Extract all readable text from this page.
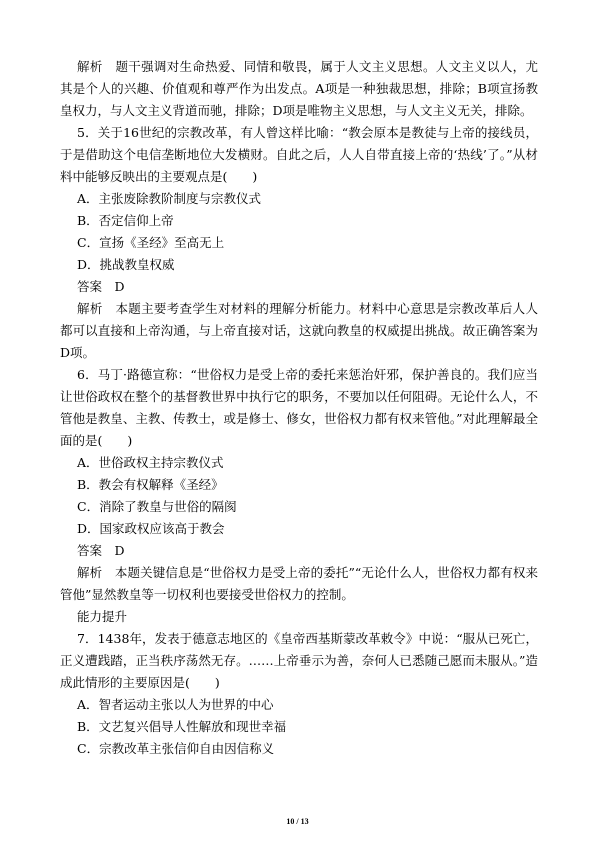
解析　题干强调对生命热爱、同情和敬畏，属于人文主义思想。人文主义以人，尤其是个人的兴趣、价值观和尊严作为出发点。A项是一种独裁思想，排除；B项宣扬教皇权力，与人文主义背道而驰，排除；D项是唯物主义思想，与人文主义无关，排除。

5．关于16世纪的宗教改革，有人曾这样比喻：“教会原本是教徒与上帝的接线员，于是借助这个电信垄断地位大发横财。自此之后，人人自带直接上帝的‘热线’了。”从材料中能够反映出的主要观点是(　　)

A．主张废除教阶制度与宗教仪式

B．否定信仰上帝

C．宣扬《圣经》至高无上

D．挑战教皇权威

答案　D

解析　本题主要考查学生对材料的理解分析能力。材料中心意思是宗教改革后人人都可以直接和上帝沟通，与上帝直接对话，这就向教皇的权威提出挑战。故正确答案为D项。

6．马丁·路德宣称：“世俗权力是受上帝的委托来惩治奸邪，保护善良的。我们应当让世俗政权在整个的基督教世界中执行它的职务，不要加以任何阻碍。无论什么人，不管他是教皇、主教、传教士，或是修士、修女，世俗权力都有权来管他。”对此理解最全面的是(　　)

A．世俗政权主持宗教仪式

B．教会有权解释《圣经》

C．消除了教皇与世俗的隔阂

D．国家政权应该高于教会

答案　D

解析　本题关键信息是“世俗权力是受上帝的委托”“无论什么人，世俗权力都有权来管他”显然教皇等一切权利也要接受世俗权力的控制。

能力提升

7．1438年，发表于德意志地区的《皇帝西基斯蒙改革敕令》中说：“服从已死亡，正义遭践踏，正当秩序荡然无存。……上帝垂示为善，奈何人已悉随己愿而未服从。”造成此情形的主要原因是(　　)

A．智者运动主张以人为世界的中心

B．文艺复兴倡导人性解放和现世幸福

C．宗教改革主张信仰自由因信称义

10 / 13
